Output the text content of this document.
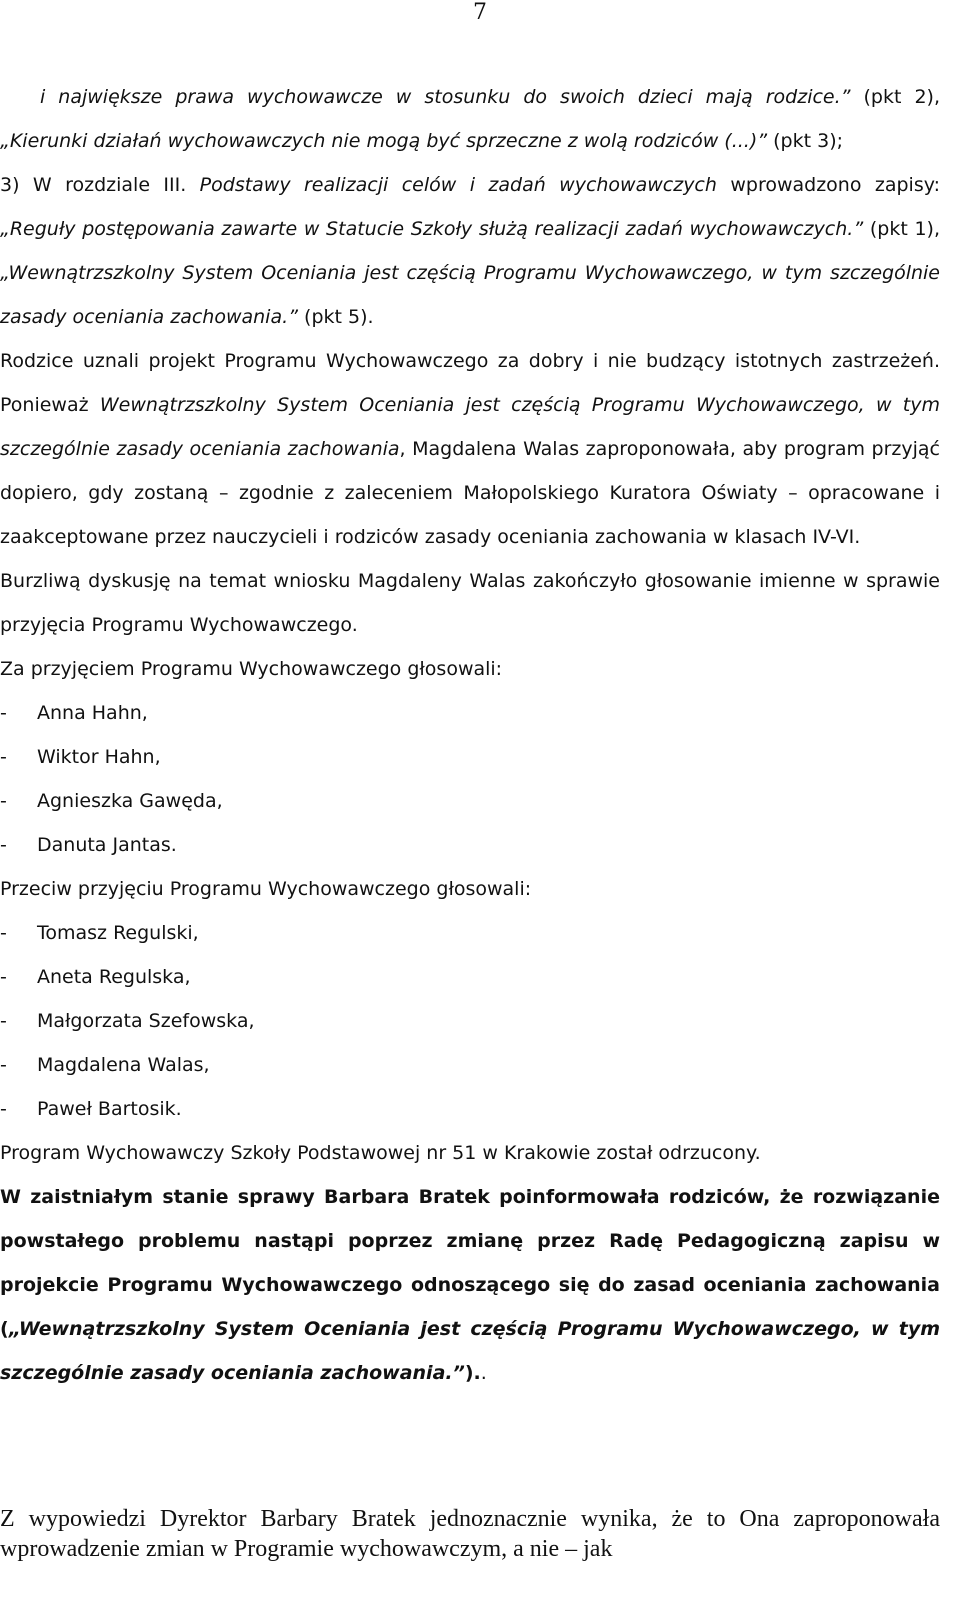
7
i największe prawa wychowawcze w stosunku do swoich dzieci mają rodzice.” (pkt 2), „Kierunki działań wychowawczych nie mogą być sprzeczne z wolą rodziców (...)” (pkt 3);
3) W rozdziale III. Podstawy realizacji celów i zadań wychowawczych wprowadzono zapisy: „Reguły postępowania zawarte w Statucie Szkoły służą realizacji zadań wychowawczych.” (pkt 1), „Wewnątrzszkolny System Oceniania jest częścią Programu Wychowawczego, w tym szczególnie zasady oceniania zachowania.” (pkt 5).
Rodzice uznali projekt Programu Wychowawczego za dobry i nie budzący istotnych zastrzeżeń. Ponieważ Wewnątrzszkolny System Oceniania jest częścią Programu Wychowawczego, w tym szczególnie zasady oceniania zachowania, Magdalena Walas zaproponowała, aby program przyjąć dopiero, gdy zostaną – zgodnie z zaleceniem Małopolskiego Kuratora Oświaty – opracowane i zaakceptowane przez nauczycieli i rodziców zasady oceniania zachowania w klasach IV-VI.
Burzliwą dyskusję na temat wniosku Magdaleny Walas zakończyło głosowanie imienne w sprawie przyjęcia Programu Wychowawczego.
Za przyjęciem Programu Wychowawczego głosowali:
-	Anna Hahn,
-	Wiktor Hahn,
-	Agnieszka Gawęda,
-	Danuta Jantas.
Przeciw przyjęciu Programu Wychowawczego głosowali:
-	Tomasz Regulski,
-	Aneta Regulska,
-	Małgorzata Szefowska,
-	Magdalena Walas,
-	Paweł Bartosik.
Program Wychowawczy Szkoły Podstawowej nr 51 w Krakowie został odrzucony.
W zaistniałym stanie sprawy Barbara Bratek poinformowała rodziców, że rozwiązanie powstałego problemu nastąpi poprzez zmianę przez Radę Pedagogiczną zapisu w projekcie Programu Wychowawczego odnoszącego się do zasad oceniania zachowania („Wewnątrzszkolny System Oceniania jest częścią Programu Wychowawczego, w tym szczególnie zasady oceniania zachowania.”)..
Z wypowiedzi Dyrektor Barbary Bratek jednoznacznie wynika, że to Ona zaproponowała wprowadzenie zmian w Programie wychowawczym, a nie – jak
